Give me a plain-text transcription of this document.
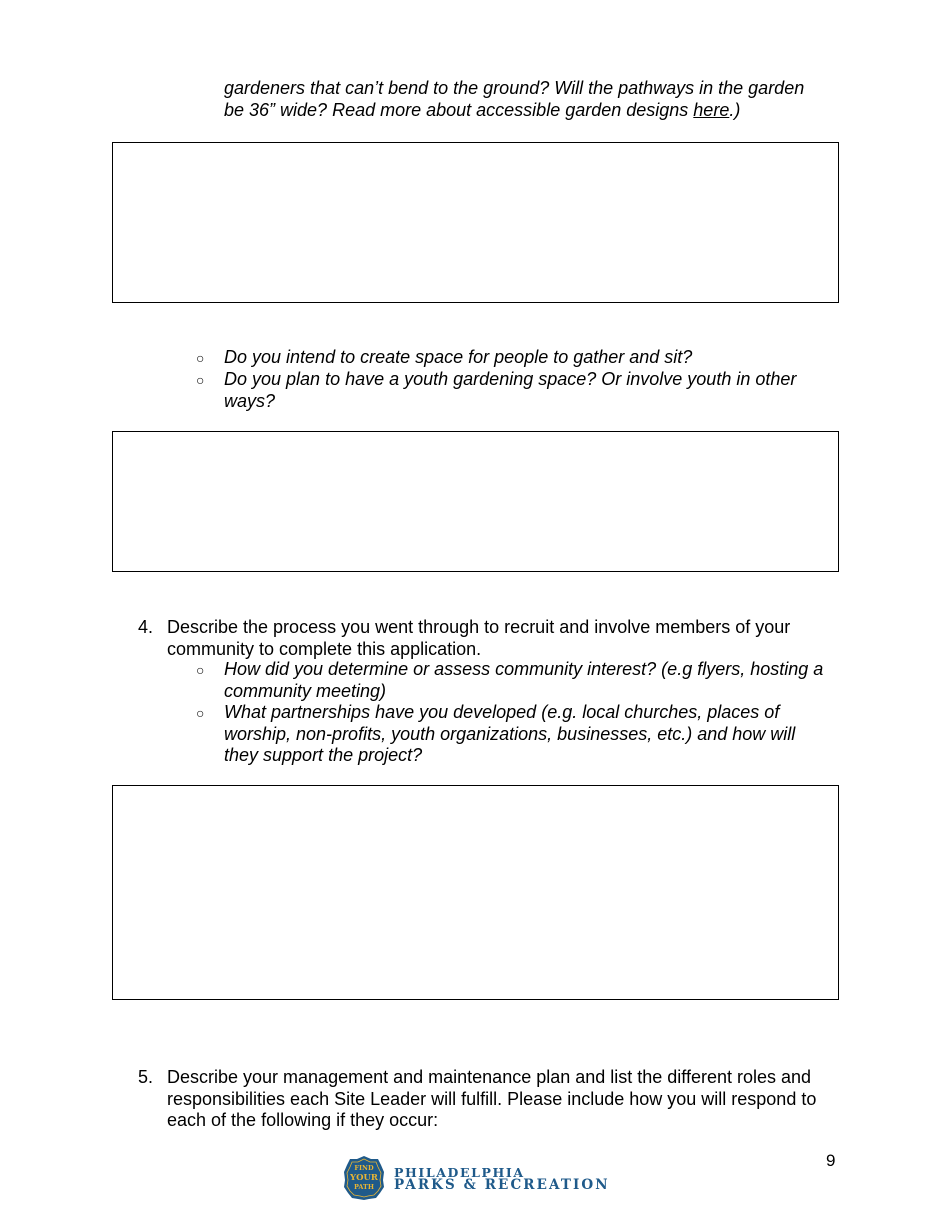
gardeners that can’t bend to the ground? Will the pathways in the garden
be 36” wide? Read more about accessible garden designs here.)
○ Do you intend to create space for people to gather and sit?
○ Do you plan to have a youth gardening space? Or involve youth in other ways?
4. Describe the process you went through to recruit and involve members of your community to complete this application.
○ How did you determine or assess community interest? (e.g flyers, hosting a community meeting)
○ What partnerships have you developed (e.g. local churches, places of worship, non-profits, youth organizations, businesses, etc.) and how will they support the project?
5. Describe your management and maintenance plan and list the different roles and responsibilities each Site Leader will fulfill. Please include how you will respond to each of the following if they occur:
9
FIND
YOUR
PATH
PHILADELPHIA
PARKS & RECREATION
